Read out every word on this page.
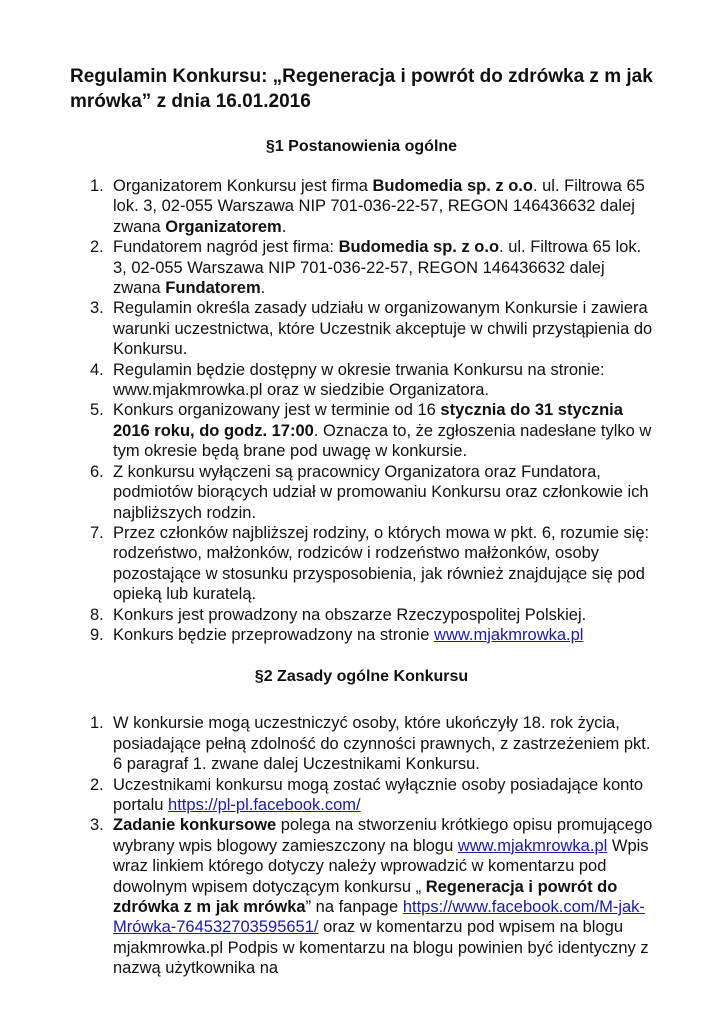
Regulamin Konkursu: „Regeneracja i powrót do zdrówka z m jak mrówka” z dnia 16.01.2016
§1 Postanowienia ogólne
1. Organizatorem Konkursu jest firma Budomedia sp. z o.o. ul. Filtrowa 65 lok. 3, 02-055 Warszawa NIP 701-036-22-57, REGON 146436632 dalej zwana Organizatorem.
2. Fundatorem nagród jest firma: Budomedia sp. z o.o. ul. Filtrowa 65 lok. 3, 02-055 Warszawa NIP 701-036-22-57, REGON 146436632 dalej zwana Fundatorem.
3. Regulamin określa zasady udziału w organizowanym Konkursie i zawiera warunki uczestnictwa, które Uczestnik akceptuje w chwili przystąpienia do Konkursu.
4. Regulamin będzie dostępny w okresie trwania Konkursu na stronie: www.mjakmrowka.pl oraz w siedzibie Organizatora.
5. Konkurs organizowany jest w terminie od 16 stycznia do 31 stycznia 2016 roku, do godz. 17:00. Oznacza to, że zgłoszenia nadesłane tylko w tym okresie będą brane pod uwagę w konkursie.
6. Z konkursu wyłączeni są pracownicy Organizatora oraz Fundatora, podmiotów biorących udział w promowaniu Konkursu oraz członkowie ich najbliższych rodzin.
7. Przez członków najbliższej rodziny, o których mowa w pkt. 6, rozumie się: rodzeństwo, małżonków, rodziców i rodzeństwo małżonków, osoby pozostające w stosunku przysposobienia, jak również znajdujące się pod opieką lub kuratelą.
8. Konkurs jest prowadzony na obszarze Rzeczypospolitej Polskiej.
9. Konkurs będzie przeprowadzony na stronie www.mjakmrowka.pl
§2 Zasady ogólne Konkursu
1. W konkursie mogą uczestniczyć osoby, które ukończyły 18. rok życia, posiadające pełną zdolność do czynności prawnych, z zastrzeżeniem pkt. 6 paragraf 1. zwane dalej Uczestnikami Konkursu.
2. Uczestnikami konkursu mogą zostać wyłącznie osoby posiadające konto portalu https://pl-pl.facebook.com/
3. Zadanie konkursowe polega na stworzeniu krótkiego opisu promującego wybrany wpis blogowy zamieszczony na blogu www.mjakmrowka.pl Wpis wraz linkiem którego dotyczy należy wprowadzić w komentarzu pod dowolnym wpisem dotyczącym konkursu „ Regeneracja i powrót do zdrówka z m jak mrówka” na fanpage https://www.facebook.com/M-jak-Mrówka-764532703595651/ oraz w komentarzu pod wpisem na blogu mjakmrowka.pl Podpis w komentarzu na blogu powinien być identyczny z nazwą użytkownika na
